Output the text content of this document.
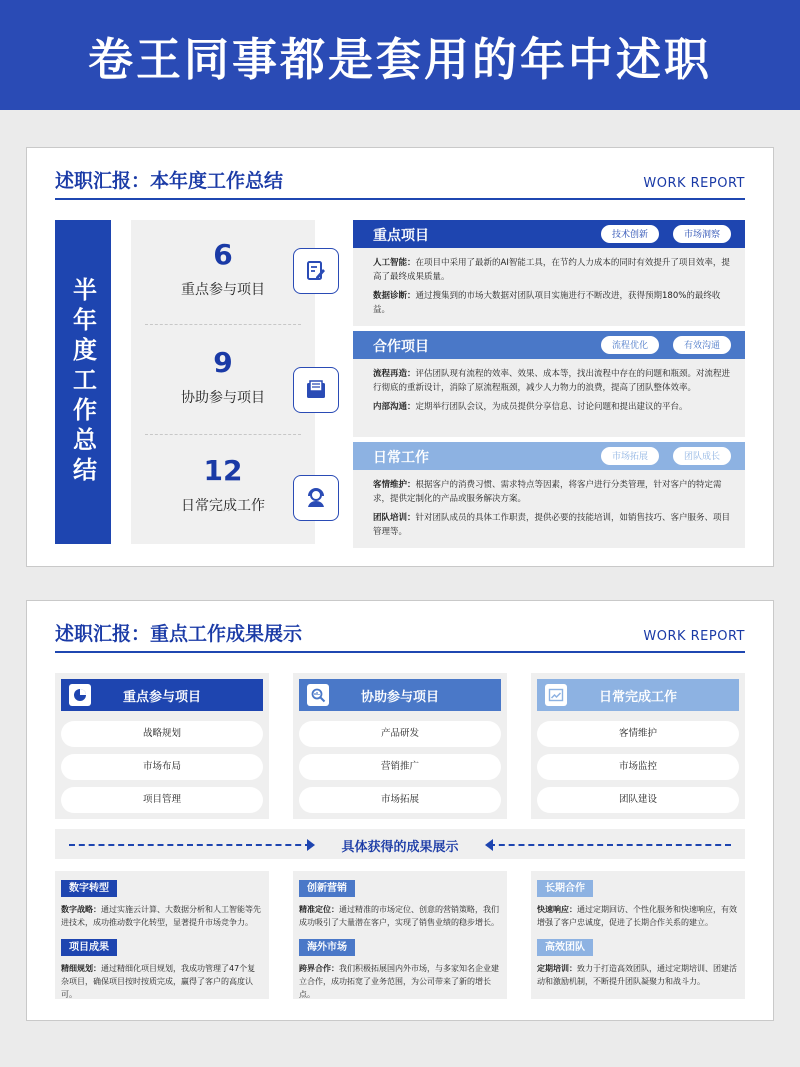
卷王同事都是套用的年中述职
述职汇报：本年度工作总结	WORK REPORT
半年度工作总结
6
重点参与项目
9
协助参与项目
12
日常完成工作
重点项目	技术创新	市场洞察

人工智能：在项目中采用了最新的AI智能工具，在节约人力成本的同时有效提升了项目效率，提高了最终成果质量。

数据诊断：通过搜集到的市场大数据对团队项目实施进行不断改进，获得预期180%的最终收益。

合作项目	流程优化	有效沟通

流程再造：评估团队现有流程的效率、效果、成本等，找出流程中存在的问题和瓶颈。对流程进行彻底的重新设计，消除了原流程瓶颈，减少人力物力的浪费，提高了团队整体效率。

内部沟通：定期举行团队会议，为成员提供分享信息、讨论问题和提出建议的平台。

日常工作	市场拓展	团队成长

客情维护：根据客户的消费习惯、需求特点等因素，将客户进行分类管理，针对客户的特定需求，提供定制化的产品或服务解决方案。

团队培训：针对团队成员的具体工作职责，提供必要的技能培训，如销售技巧、客户服务、项目管理等。

述职汇报：重点工作成果展示	WORK REPORT
重点参与项目
战略规划
市场布局
项目管理
协助参与项目
产品研发
营销推广
市场拓展
日常完成工作
客情维护
市场监控
团队建设
具体获得的成果展示
数字转型
数字战略：通过实施云计算、大数据分析和人工智能等先进技术，成功推动数字化转型，显著提升市场竞争力。
项目成果
精细规划：通过精细化项目规划，我成功管理了47个复杂项目，确保项目按时按质完成，赢得了客户的高度认可。
创新营销
精准定位：通过精准的市场定位、创意的营销策略，我们成功吸引了大量潜在客户，实现了销售业绩的稳步增长。
海外市场
跨界合作：我们积极拓展国内外市场，与多家知名企业建立合作，成功拓宽了业务范围，为公司带来了新的增长点。
长期合作
快速响应：通过定期回访、个性化服务和快速响应，有效增强了客户忠诚度，促进了长期合作关系的建立。
高效团队
定期培训：致力于打造高效团队，通过定期培训、团建活动和激励机制，不断提升团队凝聚力和战斗力。
